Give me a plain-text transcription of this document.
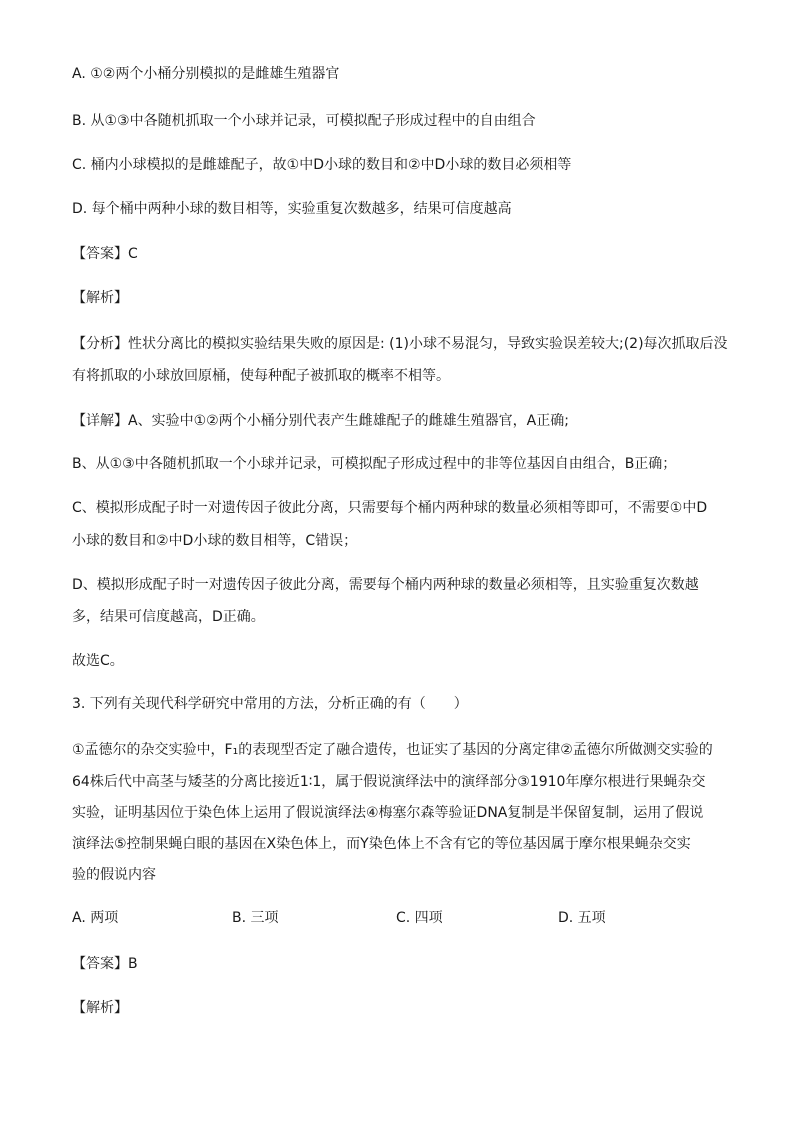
A. ①②两个小桶分别模拟的是雌雄生殖器官
B. 从①③中各随机抓取一个小球并记录，可模拟配子形成过程中的自由组合
C. 桶内小球模拟的是雌雄配子，故①中D小球的数目和②中D小球的数目必须相等
D. 每个桶中两种小球的数目相等，实验重复次数越多，结果可信度越高
【答案】C
【解析】
【分析】性状分离比的模拟实验结果失败的原因是: (1)小球不易混匀，导致实验误差较大;(2)每次抓取后没
有将抓取的小球放回原桶，使每种配子被抓取的概率不相等。
【详解】A、实验中①②两个小桶分别代表产生雌雄配子的雌雄生殖器官，A正确;
B、从①③中各随机抓取一个小球并记录，可模拟配子形成过程中的非等位基因自由组合，B正确；
C、模拟形成配子时一对遗传因子彼此分离，只需要每个桶内两种球的数量必须相等即可，不需要①中D
小球的数目和②中D小球的数目相等，C错误；
D、模拟形成配子时一对遗传因子彼此分离，需要每个桶内两种球的数量必须相等，且实验重复次数越
多，结果可信度越高，D正确。
故选C。
3. 下列有关现代科学研究中常用的方法，分析正确的有（　　）
①孟德尔的杂交实验中，F₁的表现型否定了融合遗传，也证实了基因的分离定律②孟德尔所做测交实验的
64株后代中高茎与矮茎的分离比接近1∶1，属于假说演绎法中的演绎部分③1910年摩尔根进行果蝇杂交
实验，证明基因位于染色体上运用了假说演绎法④梅塞尔森等验证DNA复制是半保留复制，运用了假说
演绎法⑤控制果蝇白眼的基因在X染色体上，而Y染色体上不含有它的等位基因属于摩尔根果蝇杂交实
验的假说内容
A. 两项	B. 三项	C. 四项	D. 五项
【答案】B
【解析】
